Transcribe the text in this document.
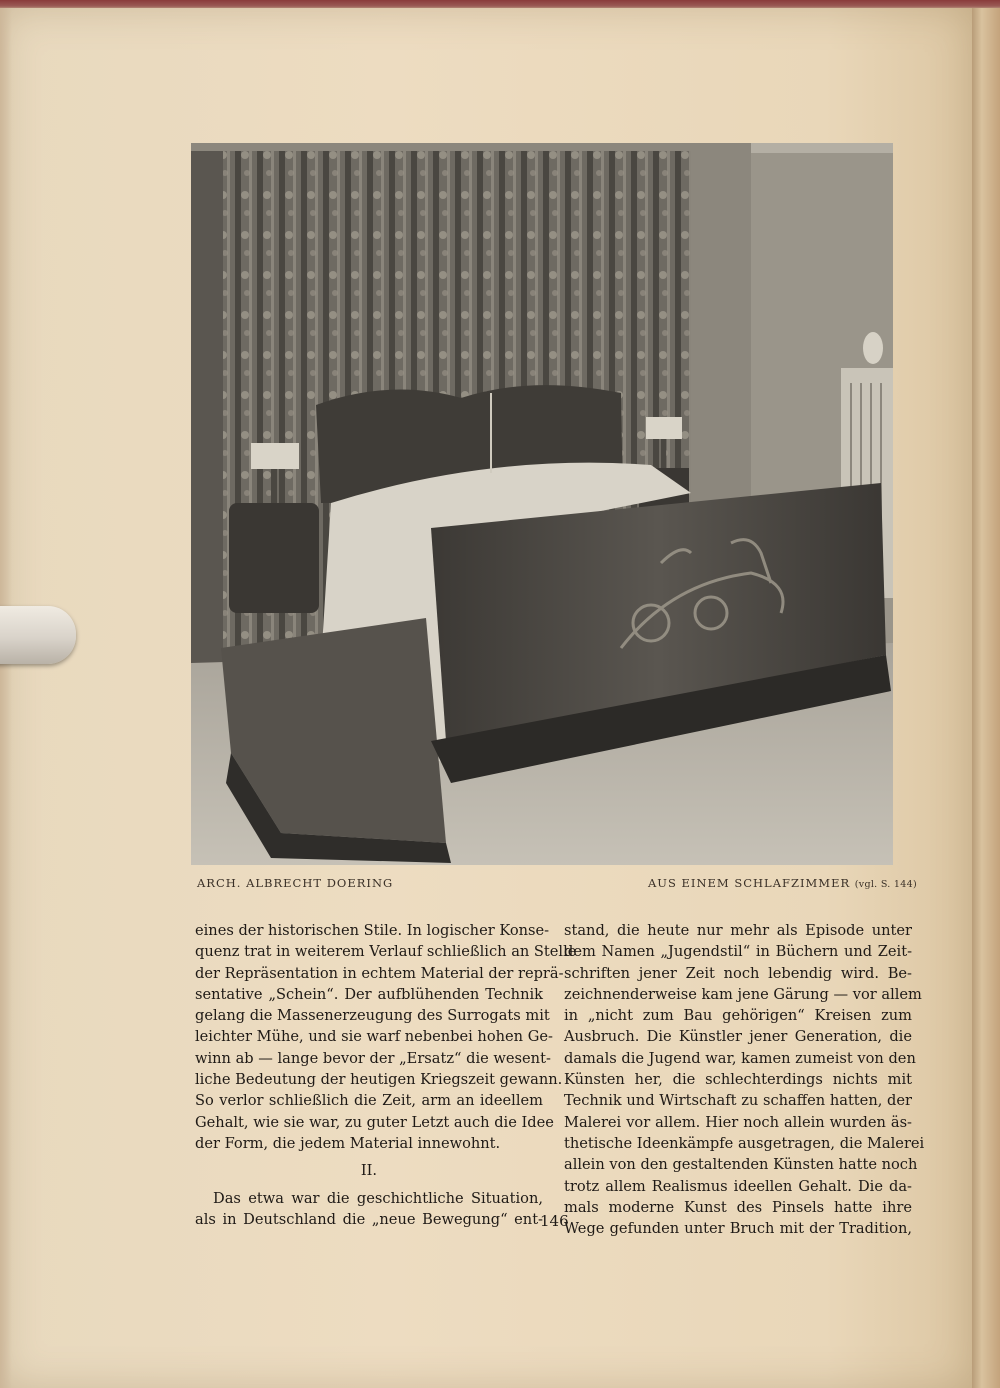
ARCH. ALBRECHT DOERING	AUS EINEM SCHLAFZIMMER (vgl. S. 144)
eines der historischen Stile. In logischer Konse-
quenz trat in weiterem Verlauf schließlich an Stelle
der Repräsentation in echtem Material der reprä-
sentative „Schein“. Der aufblühenden Technik
gelang die Massenerzeugung des Surrogats mit
leichter Mühe, und sie warf nebenbei hohen Ge-
winn ab — lange bevor der „Ersatz“ die wesent-
liche Bedeutung der heutigen Kriegszeit gewann.
So verlor schließlich die Zeit, arm an ideellem
Gehalt, wie sie war, zu guter Letzt auch die Idee
der Form, die jedem Material innewohnt.
II.
Das etwa war die geschichtliche Situation,
als in Deutschland die „neue Bewegung“ ent-
stand, die heute nur mehr als Episode unter
dem Namen „Jugendstil“ in Büchern und Zeit-
schriften jener Zeit noch lebendig wird. Be-
zeichnenderweise kam jene Gärung — vor allem
in „nicht zum Bau gehörigen“ Kreisen zum
Ausbruch. Die Künstler jener Generation, die
damals die Jugend war, kamen zumeist von den
Künsten her, die schlechterdings nichts mit
Technik und Wirtschaft zu schaffen hatten, der
Malerei vor allem. Hier noch allein wurden äs-
thetische Ideenkämpfe ausgetragen, die Malerei
allein von den gestaltenden Künsten hatte noch
trotz allem Realismus ideellen Gehalt. Die da-
mals moderne Kunst des Pinsels hatte ihre
Wege gefunden unter Bruch mit der Tradition,
146
